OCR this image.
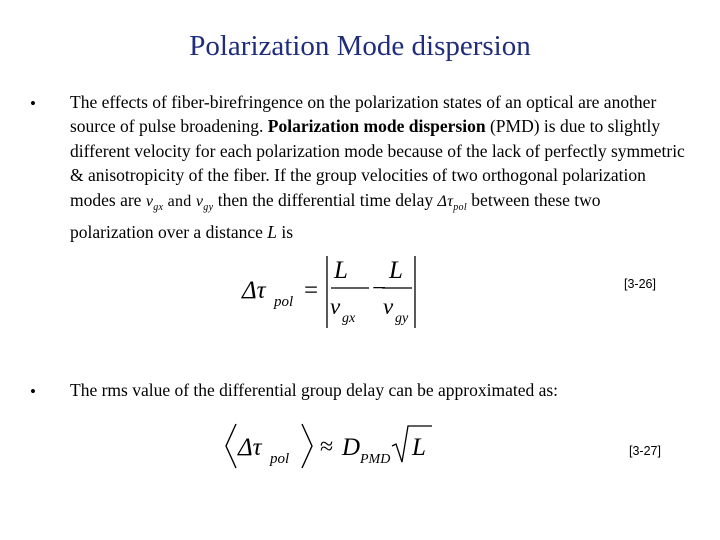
Polarization Mode dispersion
• The effects of fiber-birefringence on the polarization states of an optical are another source of pulse broadening. Polarization mode dispersion (PMD) is due to slightly different velocity for each polarization mode because of the lack of perfectly symmetric & anisotropicity of the fiber. If the group velocities of two orthogonal polarization modes are $v_{gx}$ and $v_{gy}$ then the differential time delay $\Delta\tau_{pol}$ between these two polarization over a distance L is
Δτ pol =
L
v gx
−
L
v gy
[3-26]
• The rms value of the differential group delay can be approximated as:
Δτ pol ≈ D PMD L	[3-27]
